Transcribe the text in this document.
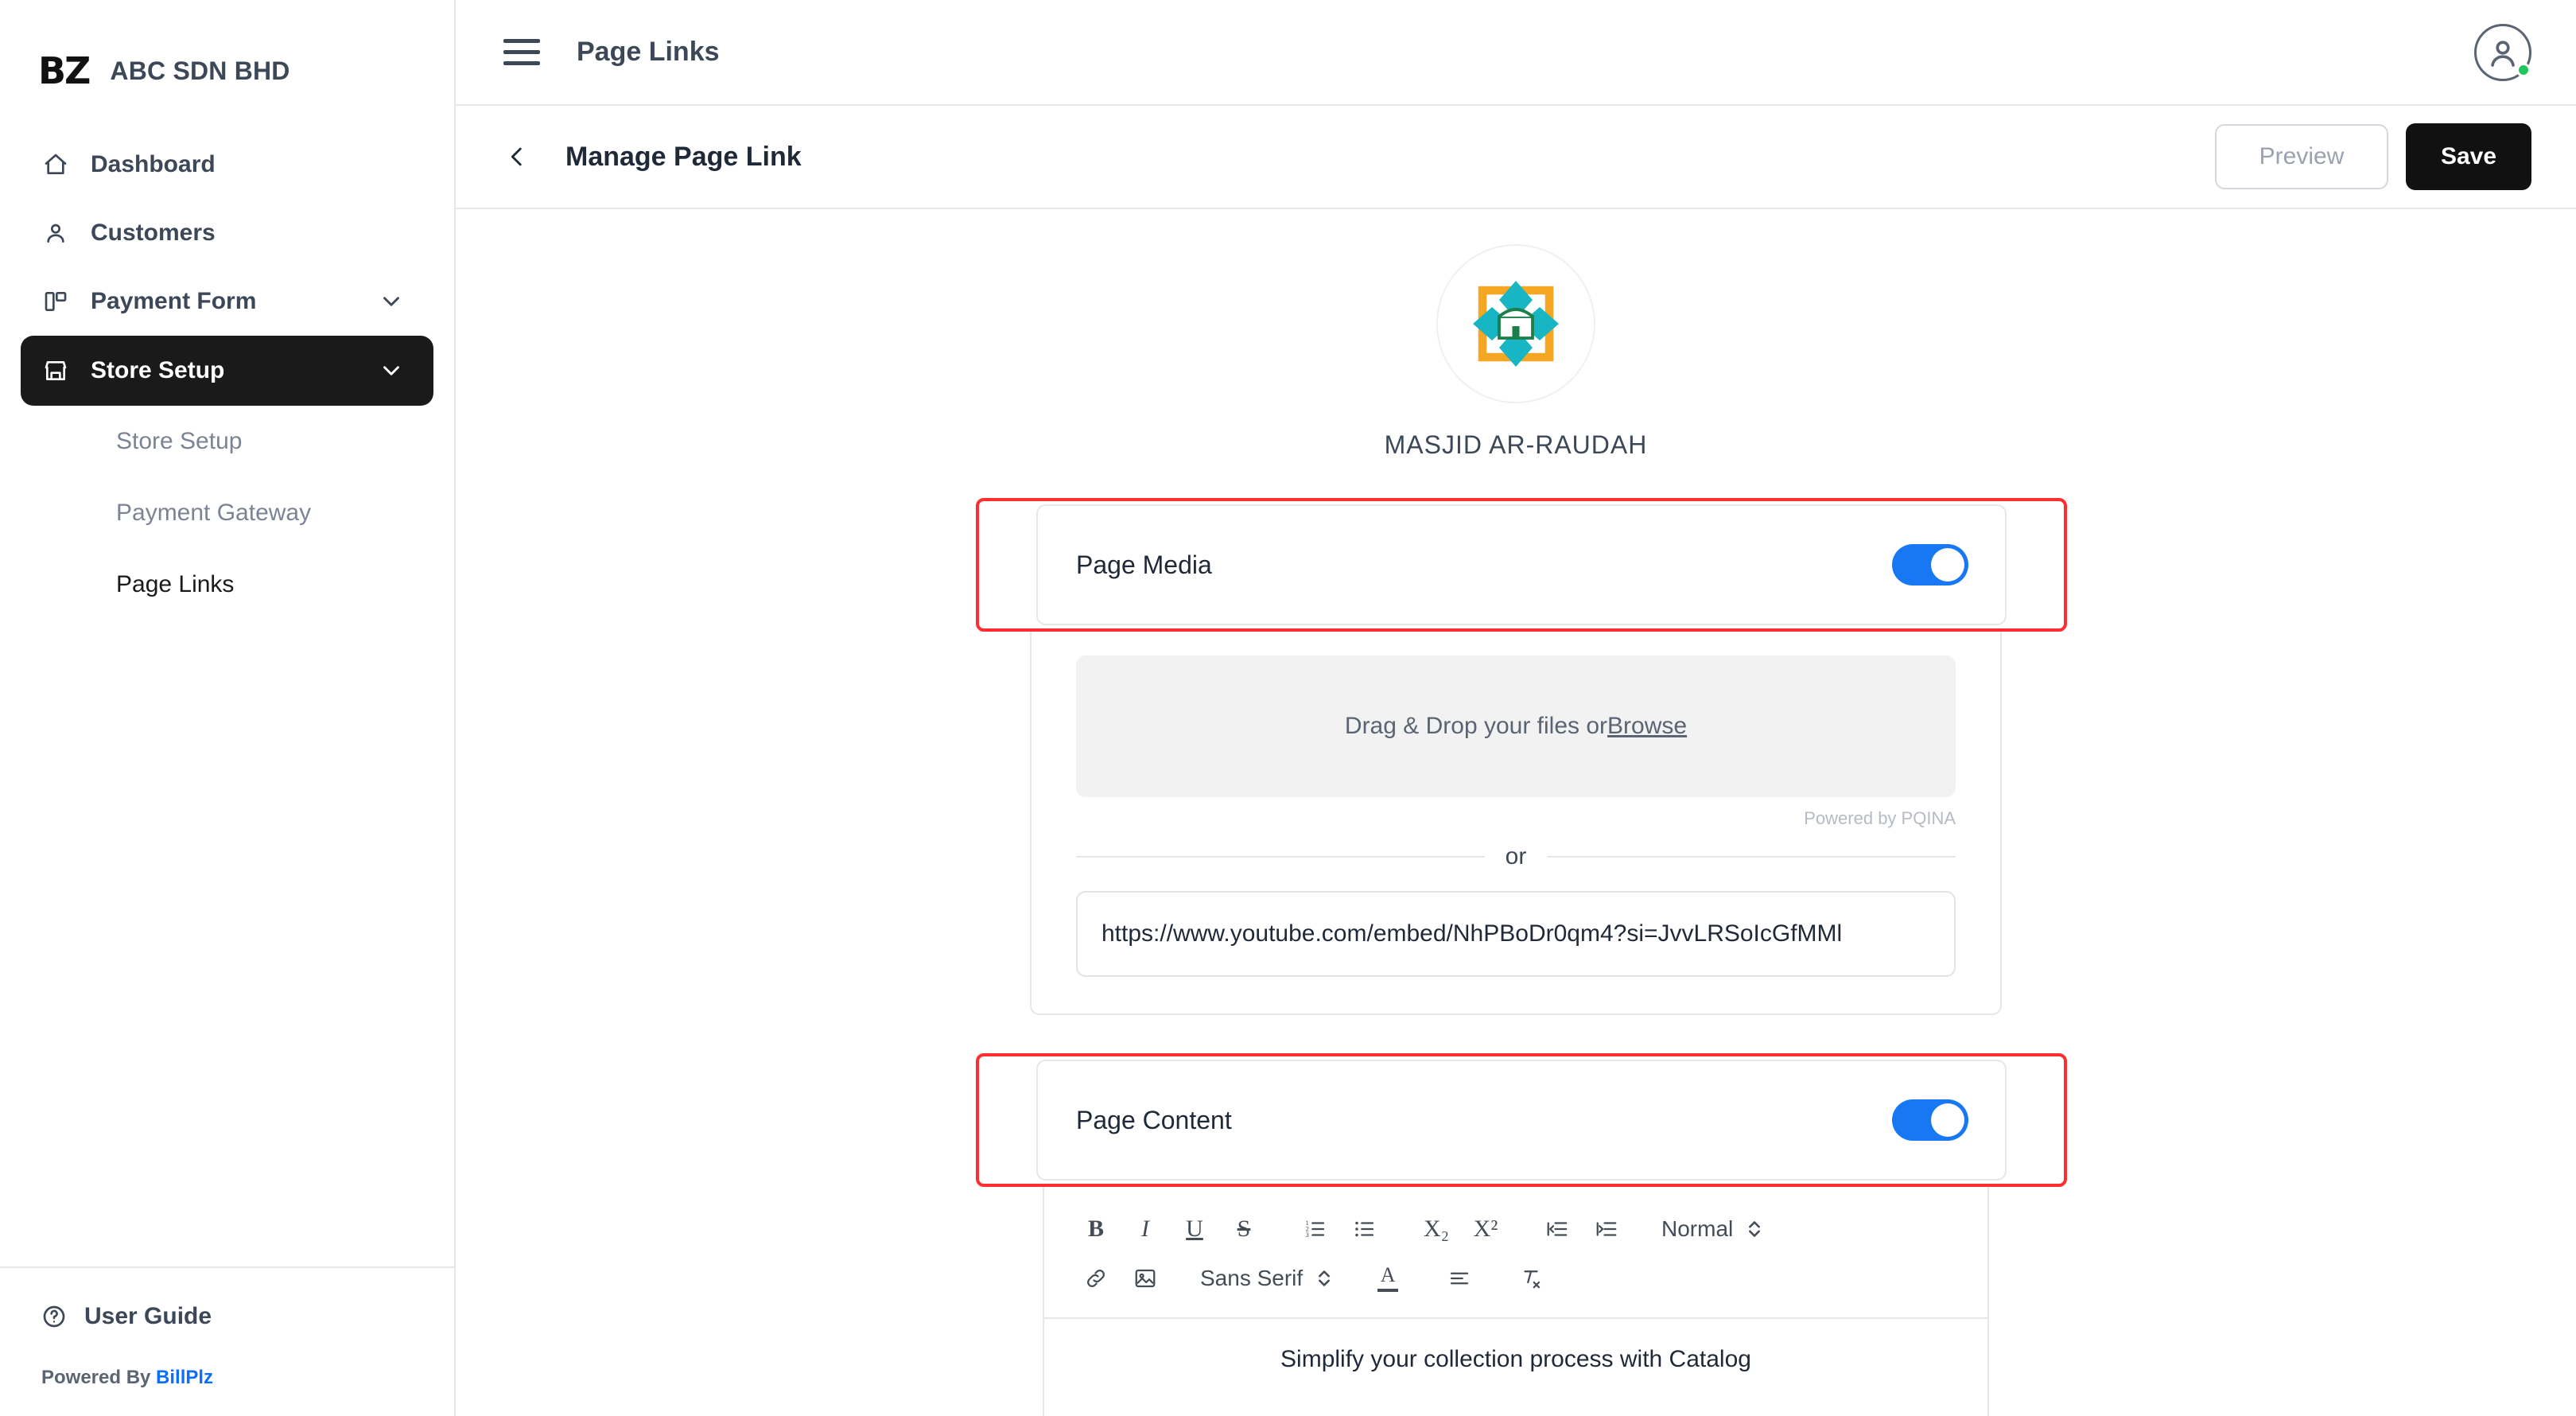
BZ ABC SDN BHD
Dashboard
Customers
Payment Form
Store Setup
Store Setup
Payment Gateway
Page Links
User Guide
Powered By BillPlz
Page Links
Manage Page Link	Preview	Save
MASJID AR-RAUDAH
Page Media
Drag & Drop your files or Browse
Powered by PQINA
or
https://www.youtube.com/embed/NhPBoDr0qm4?si=JvvLRSoIcGfMMl
Page Content
B	I	U	S	1
2
3	X₂	X²	Normal
Sans Serif	A
Simplify your collection process with Catalog
